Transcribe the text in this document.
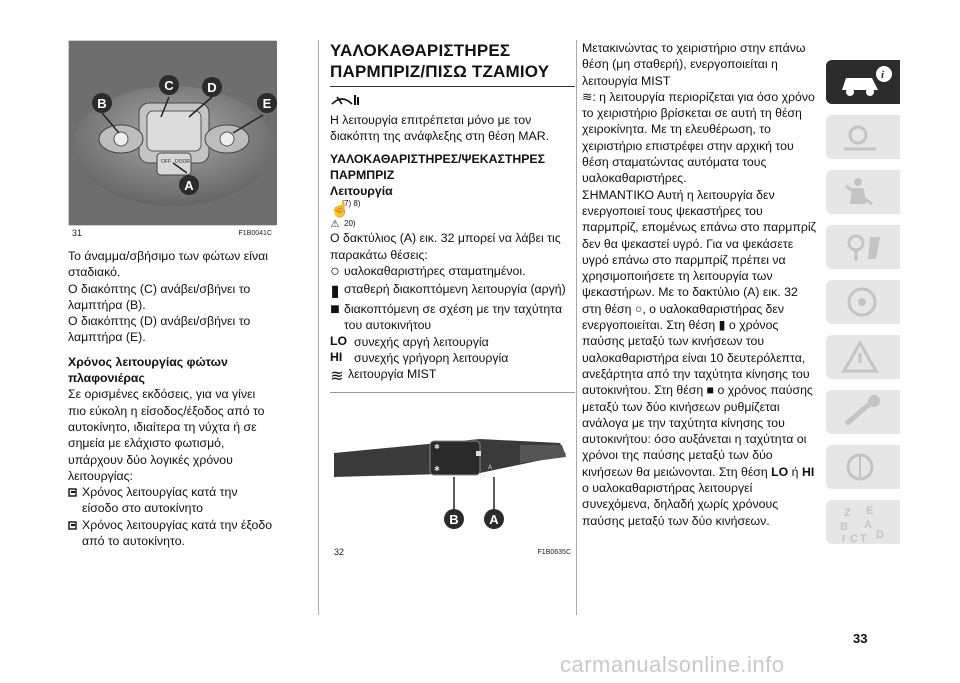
B
C	D
E
A
OFF DOOR
31	F1B0041C

Το άναμμα/σβήσιμο των φώτων είναι σταδιακό.

Ο διακόπτης (C) ανάβει/σβήνει το λαμπτήρα (B).

Ο διακόπτης (D) ανάβει/σβήνει το λαμπτήρα (E).

Χρόνος λειτουργίας φώτων πλαφονιέρας

Σε ορισμένες εκδόσεις, για να γίνει πιο εύκολη η είσοδος/έξοδος από το αυτοκίνητο, ιδιαίτερα τη νύχτα ή σε σημεία με ελάχιστο φωτισμό, υπάρχουν δύο λογικές χρόνου λειτουργίας:

Χρόνος λειτουργίας κατά την είσοδο στο αυτοκίνητο

Χρόνος λειτουργίας κατά την έξοδο από το αυτοκίνητο.

ΥΑΛΟΚΑΘΑΡΙΣΤΗΡΕΣ ΠΑΡΜΠΡΙΖ/ΠΙΣΩ ΤΖΑΜΙΟΥ

Η λειτουργία επιτρέπεται μόνο με τον διακόπτη της ανάφλεξης στη θέση MAR.

ΥΑΛΟΚΑΘΑΡΙΣΤΗΡΕΣ/ΨΕΚΑΣΤΗΡΕΣ ΠΑΡΜΠΡΙΖ

Λειτουργία

☝
7) 8)
⚠ 20)

Ο δακτύλιος (A) εικ. 32 μπορεί να λάβει τις παρακάτω θέσεις:

○ υαλοκαθαριστήρες σταματημένοι.

▮ σταθερή διακοπτόμενη λειτουργία (αργή)

■ διακοπτόμενη σε σχέση με την ταχύτητα του αυτοκινήτου

LO συνεχής αργή λειτουργία

HI συνεχής γρήγορη λειτουργία

≋ λειτουργία MIST

✱
✱	A
LO
B A
32	F1B0635C

Μετακινώντας το χειριστήριο στην επάνω θέση (μη σταθερή), ενεργοποιείται η λειτουργία MIST
≋: η λειτουργία περιορίζεται για όσο χρόνο το χειριστήριο βρίσκεται σε αυτή τη θέση χειροκίνητα. Με τη ελευθέρωση, το χειριστήριο επιστρέφει στην αρχική του θέση σταματώντας αυτόματα τους υαλοκαθαριστήρες.
ΣΗΜΑΝΤΙΚΟ Αυτή η λειτουργία δεν ενεργοποιεί τους ψεκαστήρες του παρμπρίζ, επομένως επάνω στο παρμπρίζ δεν θα ψεκαστεί υγρό. Για να ψεκάσετε υγρό επάνω στο παρμπρίζ πρέπει να χρησιμοποιήσετε τη λειτουργία των ψεκαστήρων. Με το δακτύλιο (A) εικ. 32 στη θέση ○, ο υαλοκαθαριστήρας δεν ενεργοποιείται. Στη θέση ▮ ο χρόνος παύσης μεταξύ των κινήσεων του υαλοκαθαριστήρα είναι 10 δευτερόλεπτα, ανεξάρτητα από την ταχύτητα κίνησης του αυτοκινήτου. Στη θέση ■ ο χρόνος παύσης μεταξύ των δύο κινήσεων ρυθμίζεται ανάλογα με την ταχύτητα κίνησης του αυτοκινήτου: όσο αυξάνεται η ταχύτητα οι χρόνοι της παύσης μεταξύ των δύο κινήσεων θα μειώνονται. Στη θέση LO ή HI ο υαλοκαθαριστήρας λειτουργεί συνεχόμενα, δηλαδή χωρίς χρόνους παύσης μεταξύ των δύο κινήσεων.

i
Z E
B A
I C T D
33
carmanualsonline.info
